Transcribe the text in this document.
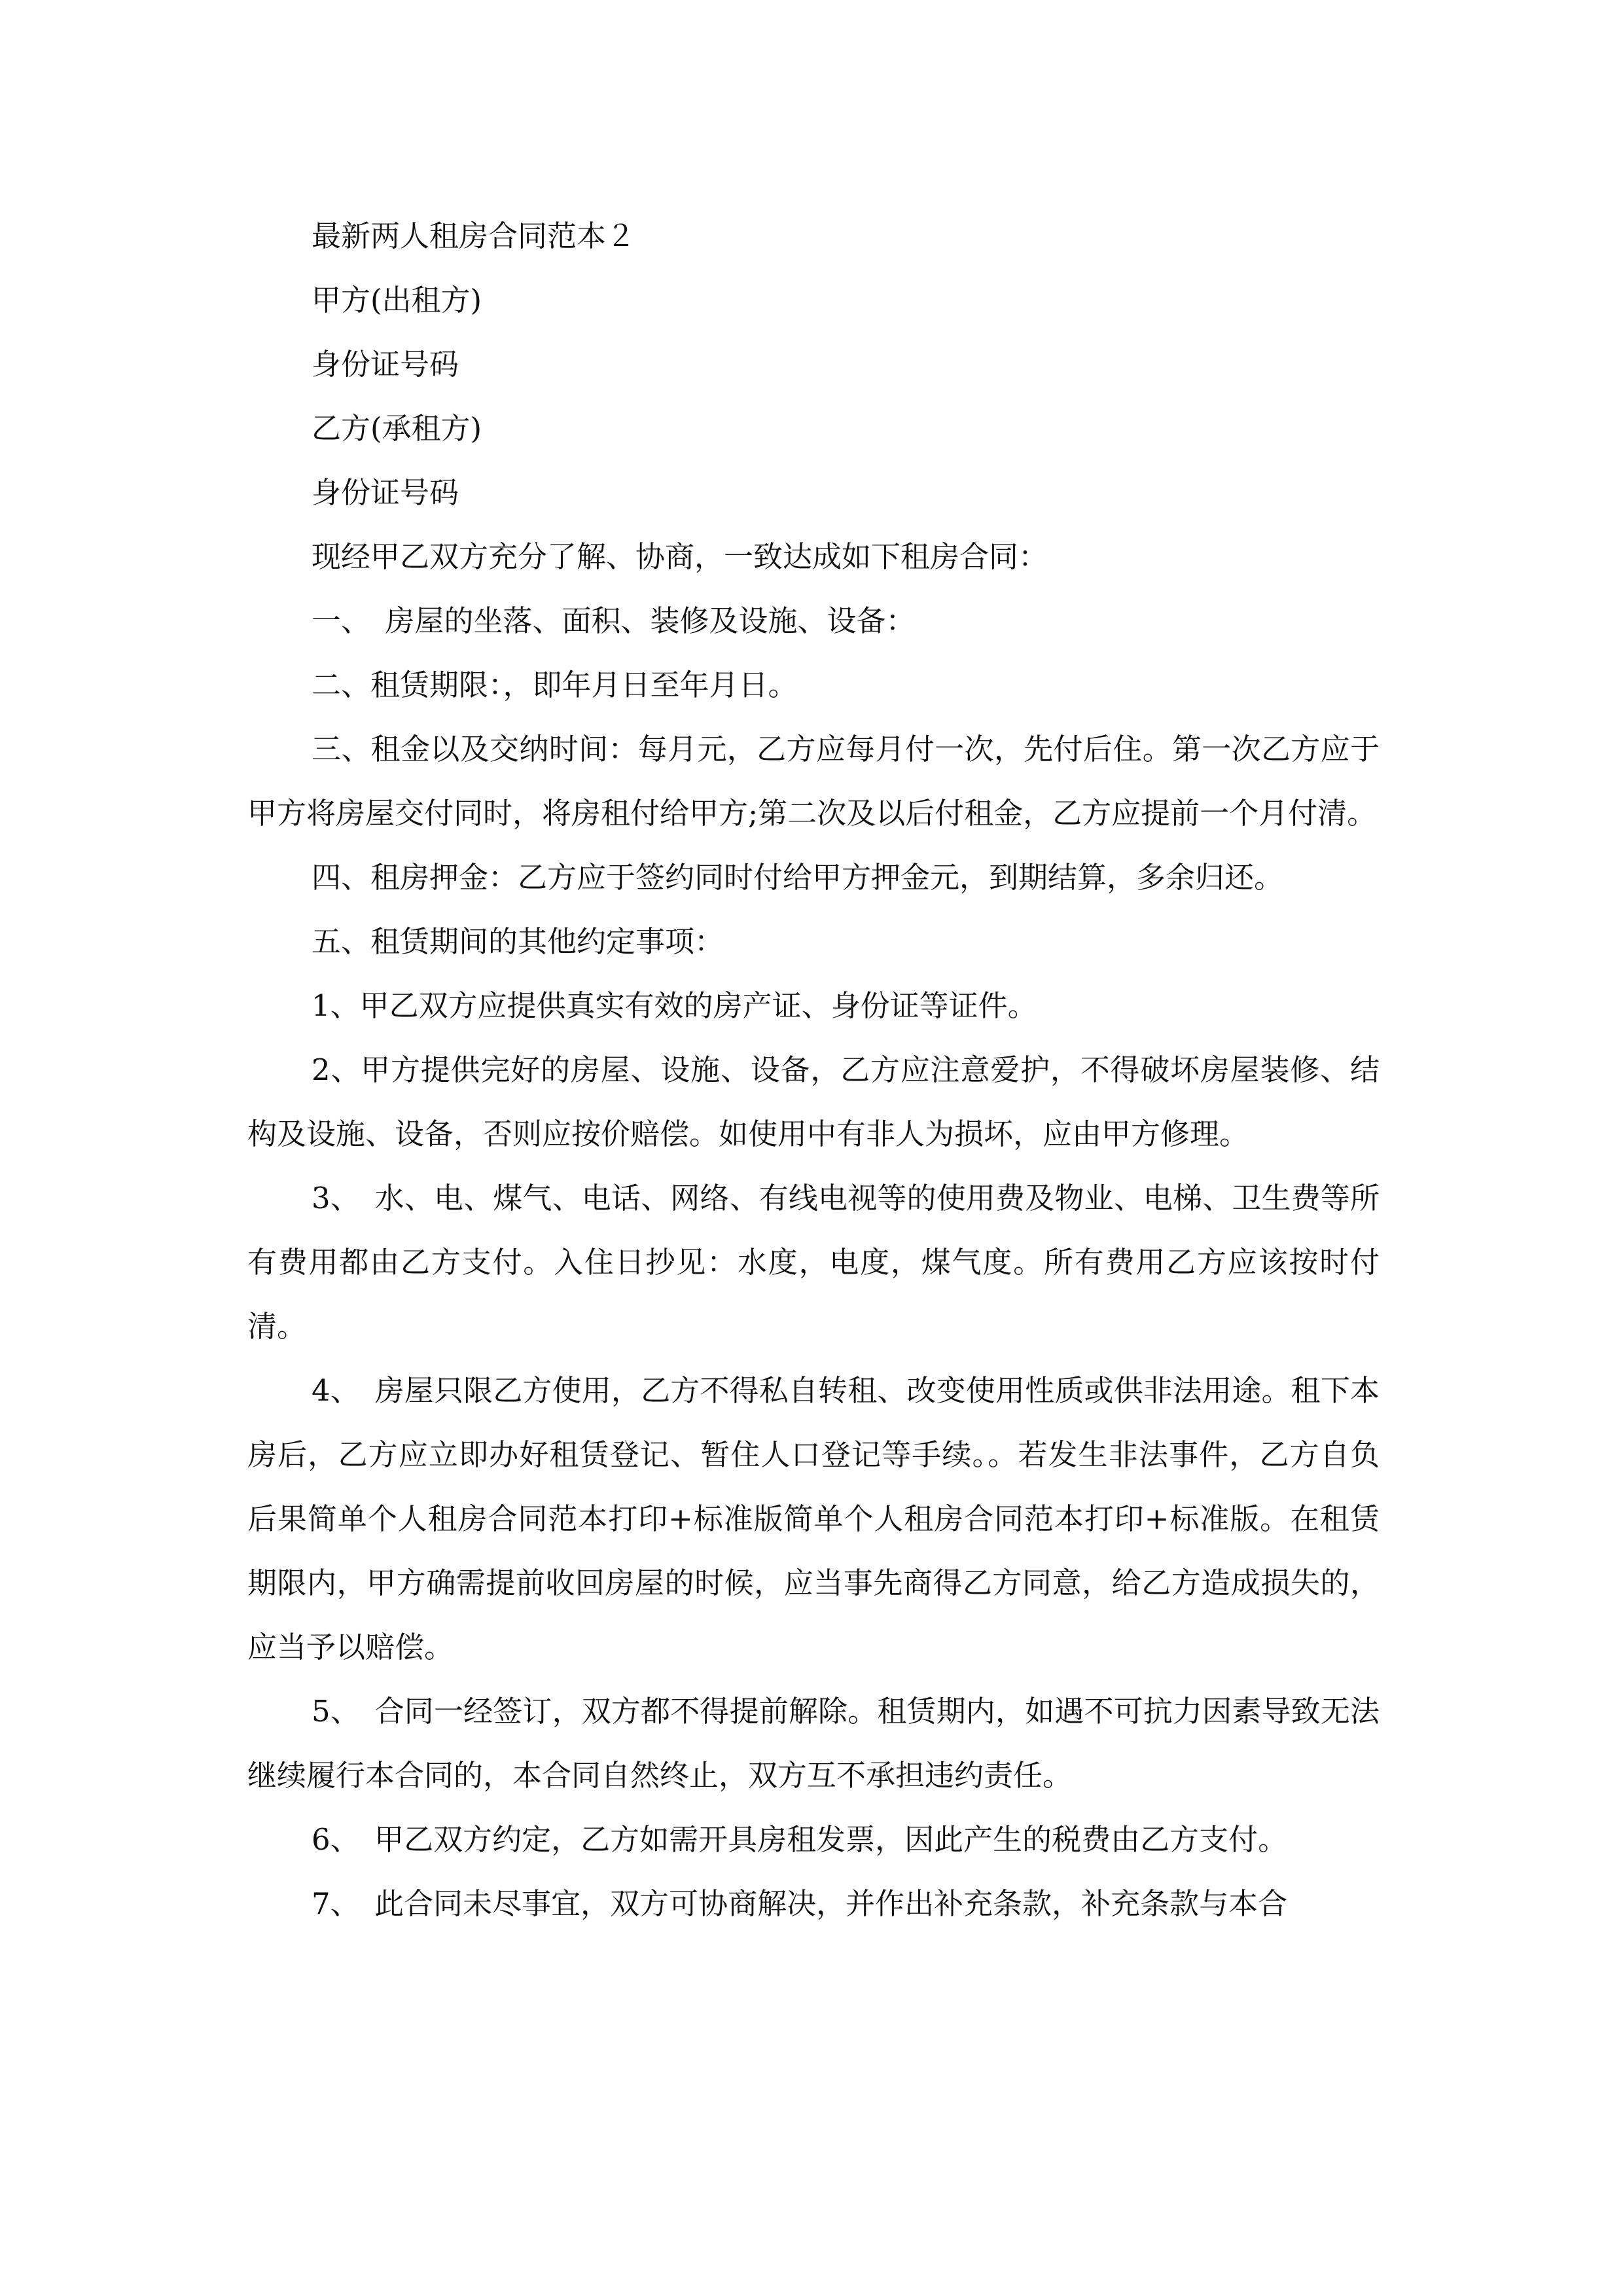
最新两人租房合同范本２

甲方(出租方)

身份证号码

乙方(承租方)

身份证号码

现经甲乙双方充分了解、协商，一致达成如下租房合同：

一、　房屋的坐落、面积、装修及设施、设备：

二、租赁期限：，即年月日至年月日。

三、租金以及交纳时间：每月元，乙方应每月付一次，先付后住。第一次乙方应于甲方将房屋交付同时，将房租付给甲方;第二次及以后付租金，乙方应提前一个月付清。

四、租房押金：乙方应于签约同时付给甲方押金元，到期结算，多余归还。

五、租赁期间的其他约定事项：

1、甲乙双方应提供真实有效的房产证、身份证等证件。

2、甲方提供完好的房屋、设施、设备，乙方应注意爱护，不得破坏房屋装修、结构及设施、设备，否则应按价赔偿。如使用中有非人为损坏，应由甲方修理。

3、　水、电、煤气、电话、网络、有线电视等的使用费及物业、电梯、卫生费等所有费用都由乙方支付。入住日抄见：水度，电度，煤气度。所有费用乙方应该按时付清。

4、　房屋只限乙方使用，乙方不得私自转租、改变使用性质或供非法用途。租下本房后，乙方应立即办好租赁登记、暂住人口登记等手续。。若发生非法事件，乙方自负后果简单个人租房合同范本打印+标准版简单个人租房合同范本打印+标准版。在租赁期限内，甲方确需提前收回房屋的时候，应当事先商得乙方同意，给乙方造成损失的，应当予以赔偿。

5、　合同一经签订，双方都不得提前解除。租赁期内，如遇不可抗力因素导致无法继续履行本合同的，本合同自然终止，双方互不承担违约责任。

6、　甲乙双方约定，乙方如需开具房租发票，因此产生的税费由乙方支付。

7、　此合同未尽事宜，双方可协商解决，并作出补充条款，补充条款与本合
